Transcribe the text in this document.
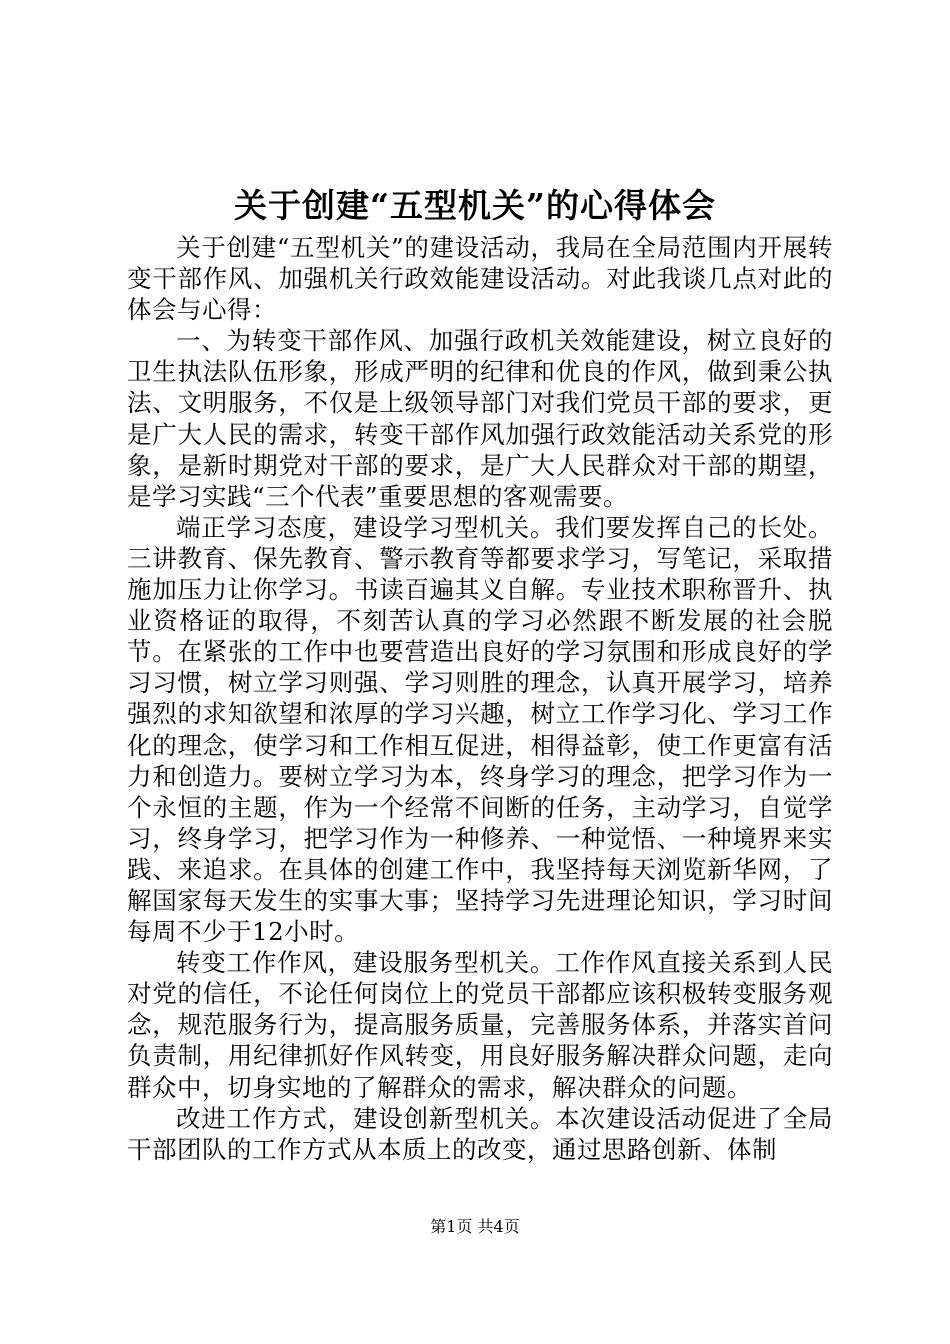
关于创建“五型机关”的心得体会

关于创建“五型机关”的建设活动，我局在全局范围内开展转变干部作风、加强机关行政效能建设活动。对此我谈几点对此的体会与心得：

一、为转变干部作风、加强行政机关效能建设，树立良好的卫生执法队伍形象，形成严明的纪律和优良的作风，做到秉公执法、文明服务，不仅是上级领导部门对我们党员干部的要求，更是广大人民的需求，转变干部作风加强行政效能活动关系党的形象，是新时期党对干部的要求，是广大人民群众对干部的期望，是学习实践“三个代表”重要思想的客观需要。

端正学习态度，建设学习型机关。我们要发挥自己的长处。三讲教育、保先教育、警示教育等都要求学习，写笔记，采取措施加压力让你学习。书读百遍其义自解。专业技术职称晋升、执业资格证的取得，不刻苦认真的学习必然跟不断发展的社会脱节。在紧张的工作中也要营造出良好的学习氛围和形成良好的学习习惯，树立学习则强、学习则胜的理念，认真开展学习，培养强烈的求知欲望和浓厚的学习兴趣，树立工作学习化、学习工作化的理念，使学习和工作相互促进，相得益彰，使工作更富有活力和创造力。要树立学习为本，终身学习的理念，把学习作为一个永恒的主题，作为一个经常不间断的任务，主动学习，自觉学习，终身学习，把学习作为一种修养、一种觉悟、一种境界来实践、来追求。在具体的创建工作中，我坚持每天浏览新华网，了解国家每天发生的实事大事；坚持学习先进理论知识，学习时间每周不少于12小时。

转变工作作风，建设服务型机关。工作作风直接关系到人民对党的信任，不论任何岗位上的党员干部都应该积极转变服务观念，规范服务行为，提高服务质量，完善服务体系，并落实首问负责制，用纪律抓好作风转变，用良好服务解决群众问题，走向群众中，切身实地的了解群众的需求，解决群众的问题。

改进工作方式，建设创新型机关。本次建设活动促进了全局干部团队的工作方式从本质上的改变，通过思路创新、体制

第1页 共4页
